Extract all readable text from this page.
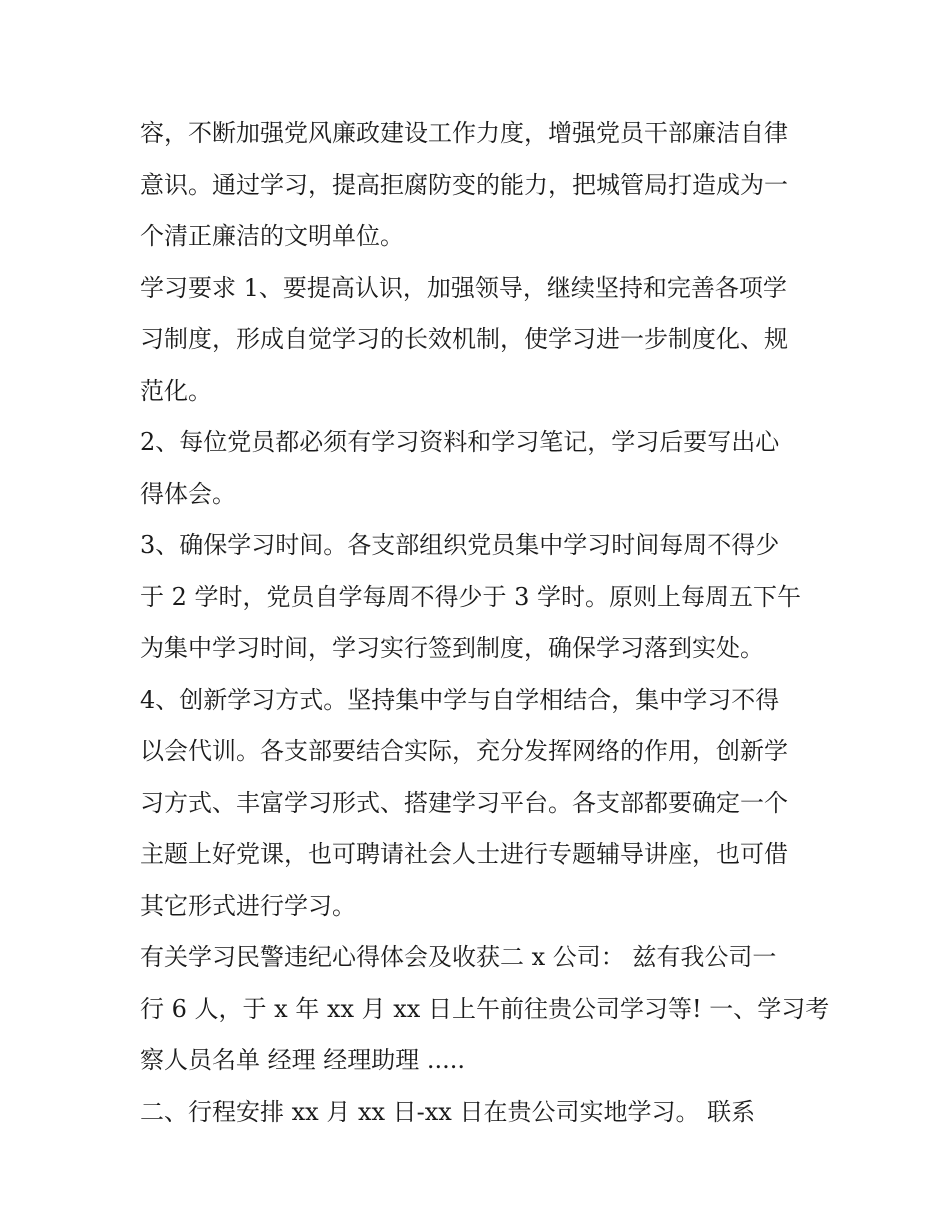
容，不断加强党风廉政建设工作力度，增强党员干部廉洁自律
意识。通过学习，提高拒腐防变的能力，把城管局打造成为一
个清正廉洁的文明单位。
学习要求 1、要提高认识，加强领导，继续坚持和完善各项学
习制度，形成自觉学习的长效机制，使学习进一步制度化、规
范化。
2、每位党员都必须有学习资料和学习笔记，学习后要写出心
得体会。
3、确保学习时间。各支部组织党员集中学习时间每周不得少
于 2 学时，党员自学每周不得少于 3 学时。原则上每周五下午
为集中学习时间，学习实行签到制度，确保学习落到实处。
4、创新学习方式。坚持集中学与自学相结合，集中学习不得
以会代训。各支部要结合实际，充分发挥网络的作用，创新学
习方式、丰富学习形式、搭建学习平台。各支部都要确定一个
主题上好党课，也可聘请社会人士进行专题辅导讲座，也可借
其它形式进行学习。
有关学习民警违纪心得体会及收获二 x 公司： 兹有我公司一
行 6 人，于 x 年 xx 月 xx 日上午前往贵公司学习等! 一、学习考
察人员名单 经理 经理助理 .....
二、行程安排 xx 月 xx 日-xx 日在贵公司实地学习。 联系
